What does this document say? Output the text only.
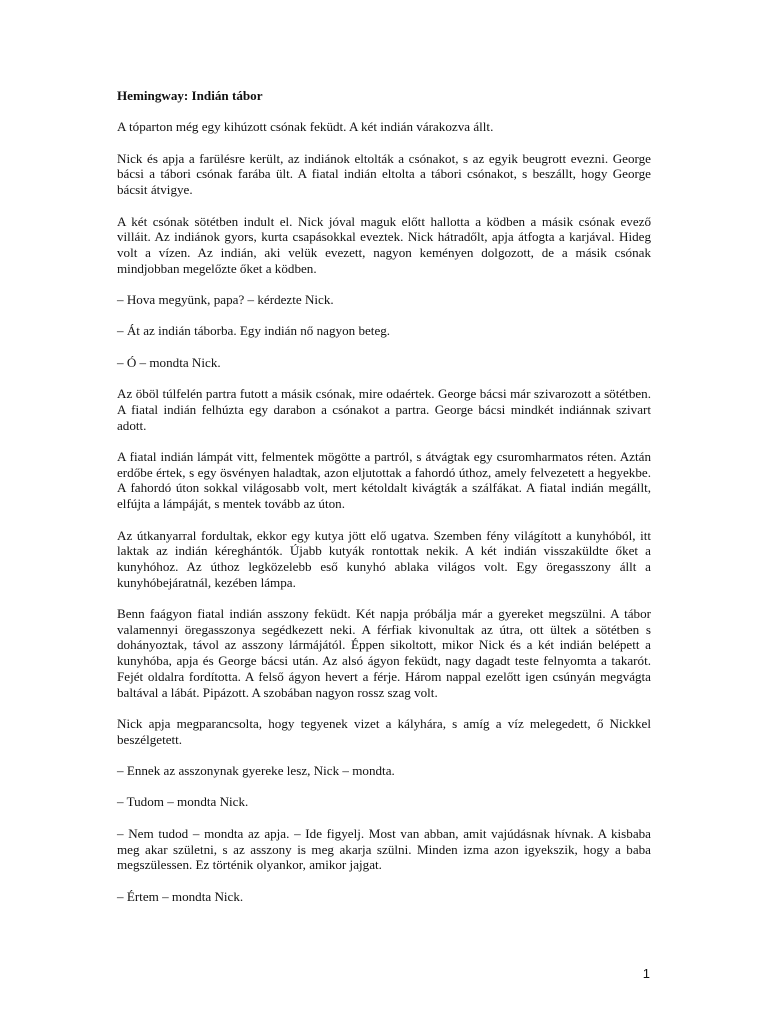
Hemingway: Indián tábor

A tóparton még egy kihúzott csónak feküdt. A két indián várakozva állt.

Nick és apja a farülésre került, az indiánok eltolták a csónakot, s az egyik beugrott evezni. George bácsi a tábori csónak farába ült. A fiatal indián eltolta a tábori csónakot, s beszállt, hogy George bácsit átvigye.

A két csónak sötétben indult el. Nick jóval maguk előtt hallotta a ködben a másik csónak evező villáit. Az indiánok gyors, kurta csapásokkal eveztek. Nick hátradőlt, apja átfogta a karjával. Hideg volt a vízen. Az indián, aki velük evezett, nagyon keményen dolgozott, de a másik csónak mindjobban megelőzte őket a ködben.

– Hova megyünk, papa? – kérdezte Nick.

– Át az indián táborba. Egy indián nő nagyon beteg.

– Ó – mondta Nick.

Az öböl túlfelén partra futott a másik csónak, mire odaértek. George bácsi már szivarozott a sötétben. A fiatal indián felhúzta egy darabon a csónakot a partra. George bácsi mindkét indiánnak szivart adott.

A fiatal indián lámpát vitt, felmentek mögötte a partról, s átvágtak egy csuromharmatos réten. Aztán erdőbe értek, s egy ösvényen haladtak, azon eljutottak a fahordó úthoz, amely felvezetett a hegyekbe. A fahordó úton sokkal világosabb volt, mert kétoldalt kivágták a szálfákat. A fiatal indián megállt, elfújta a lámpáját, s mentek tovább az úton.

Az útkanyarral fordultak, ekkor egy kutya jött elő ugatva. Szemben fény világított a kunyhóból, itt laktak az indián kéreghántók. Újabb kutyák rontottak nekik. A két indián visszaküldte őket a kunyhóhoz. Az úthoz legközelebb eső kunyhó ablaka világos volt. Egy öregasszony állt a kunyhóbejáratnál, kezében lámpa.

Benn faágyon fiatal indián asszony feküdt. Két napja próbálja már a gyereket megszülni. A tábor valamennyi öregasszonya segédkezett neki. A férfiak kivonultak az útra, ott ültek a sötétben s dohányoztak, távol az asszony lármájától. Éppen sikoltott, mikor Nick és a két indián belépett a kunyhóba, apja és George bácsi után. Az alsó ágyon feküdt, nagy dagadt teste felnyomta a takarót. Fejét oldalra fordította. A felső ágyon hevert a férje. Három nappal ezelőtt igen csúnyán megvágta baltával a lábát. Pipázott. A szobában nagyon rossz szag volt.

Nick apja megparancsolta, hogy tegyenek vizet a kályhára, s amíg a víz melegedett, ő Nickkel beszélgetett.

– Ennek az asszonynak gyereke lesz, Nick – mondta.

– Tudom – mondta Nick.

– Nem tudod – mondta az apja. – Ide figyelj. Most van abban, amit vajúdásnak hívnak. A kisbaba meg akar születni, s az asszony is meg akarja szülni. Minden izma azon igyekszik, hogy a baba megszülessen. Ez történik olyankor, amikor jajgat.

– Értem – mondta Nick.

1
